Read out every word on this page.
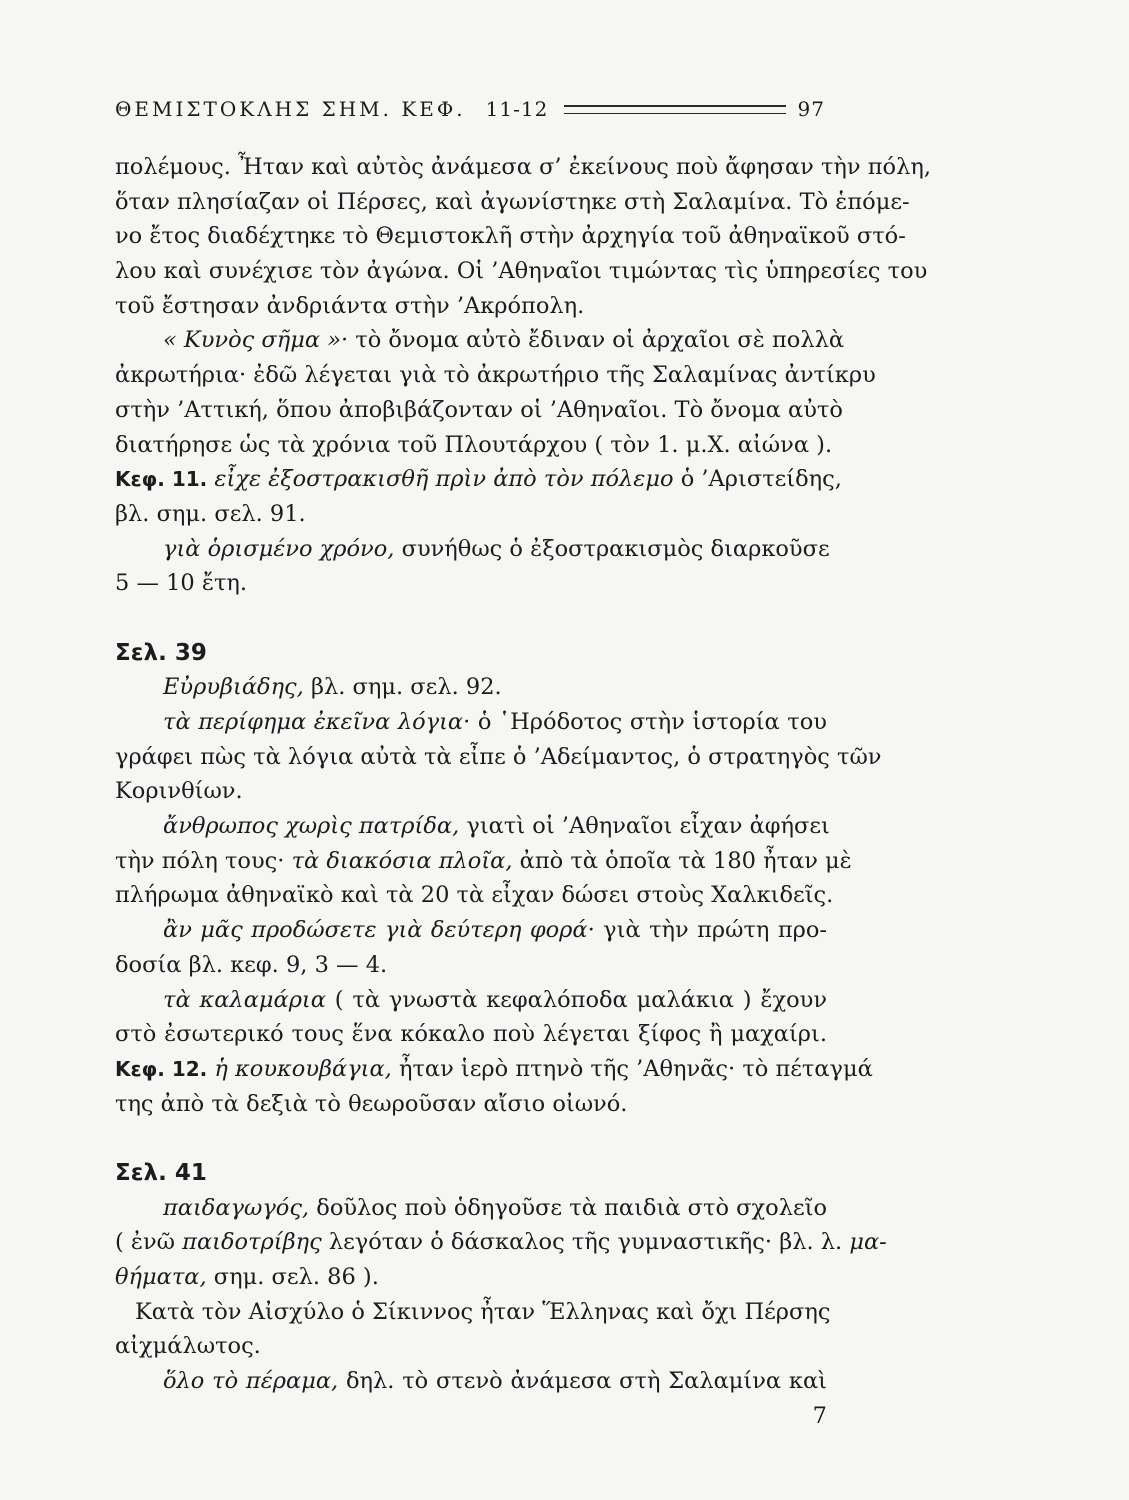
ΘΕΜΙΣΤΟΚΛΗΣ ΣΗΜ. ΚΕΦ. 11-12	97
πολέμους. Ἦταν καὶ αὐτὸς ἀνάμεσα σ’ ἐκείνους ποὺ ἄφησαν τὴν πόλη,
ὅταν πλησίαζαν οἱ Πέρσες, καὶ ἀγωνίστηκε στὴ Σαλαμίνα. Τὸ ἑπόμε-
νο ἔτος διαδέχτηκε τὸ Θεμιστοκλῆ στὴν ἀρχηγία τοῦ ἀθηναϊκοῦ στό-
λου καὶ συνέχισε τὸν ἀγώνα. Οἱ ’Αθηναῖοι τιμώντας τὶς ὑπηρεσίες του
τοῦ ἔστησαν ἀνδριάντα στὴν ’Ακρόπολη.
« Κυνὸς σῆμα »· τὸ ὄνομα αὐτὸ ἔδιναν οἱ ἀρχαῖοι σὲ πολλὰ
ἀκρωτήρια· ἐδῶ λέγεται γιὰ τὸ ἀκρωτήριο τῆς Σαλαμίνας ἀντίκρυ
στὴν ’Αττική, ὅπου ἀποβιβάζονταν οἱ ’Αθηναῖοι. Τὸ ὄνομα αὐτὸ
διατήρησε ὡς τὰ χρόνια τοῦ Πλουτάρχου ( τὸν 1. μ.Χ. αἰώνα ).
Κεφ. 11. εἶχε ἐξοστρακισθῆ πρὶν ἀπὸ τὸν πόλεμο ὁ ’Αριστείδης,
βλ. σημ. σελ. 91.
γιὰ ὁρισμένο χρόνο, συνήθως ὁ ἐξοστρακισμὸς διαρκοῦσε
5 — 10 ἔτη.
Σελ. 39
Εὐρυβιάδης, βλ. σημ. σελ. 92.
τὰ περίφημα ἐκεῖνα λόγια· ὁ ῾Ηρόδοτος στὴν ἱστορία του
γράφει πὼς τὰ λόγια αὐτὰ τὰ εἶπε ὁ ’Αδείμαντος, ὁ στρατηγὸς τῶν
Κορινθίων.
ἄνθρωπος χωρὶς πατρίδα, γιατὶ οἱ ’Αθηναῖοι εἶχαν ἀφήσει
τὴν πόλη τους· τὰ διακόσια πλοῖα, ἀπὸ τὰ ὁποῖα τὰ 180 ἦταν μὲ
πλήρωμα ἀθηναϊκὸ καὶ τὰ 20 τὰ εἶχαν δώσει στοὺς Χαλκιδεῖς.
ἂν μᾶς προδώσετε γιὰ δεύτερη φορά· γιὰ τὴν πρώτη προ-
δοσία βλ. κεφ. 9, 3 — 4.
τὰ καλαμάρια ( τὰ γνωστὰ κεφαλόποδα μαλάκια ) ἔχουν
στὸ ἐσωτερικό τους ἕνα κόκαλο ποὺ λέγεται ξίφος ἢ μαχαίρι.
Κεφ. 12. ἡ κουκουβάγια, ἦταν ἱερὸ πτηνὸ τῆς ’Αθηνᾶς· τὸ πέταγμά
της ἀπὸ τὰ δεξιὰ τὸ θεωροῦσαν αἴσιο οἰωνό.
Σελ. 41
παιδαγωγός, δοῦλος ποὺ ὁδηγοῦσε τὰ παιδιὰ στὸ σχολεῖο
( ἐνῶ παιδοτρίβης λεγόταν ὁ δάσκαλος τῆς γυμναστικῆς· βλ. λ. μα-
θήματα, σημ. σελ. 86 ).
Κατὰ τὸν Αἰσχύλο ὁ Σίκιννος ἦταν Ἕλληνας καὶ ὄχι Πέρσης
αἰχμάλωτος.
ὅλο τὸ πέραμα, δηλ. τὸ στενὸ ἀνάμεσα στὴ Σαλαμίνα καὶ
7
